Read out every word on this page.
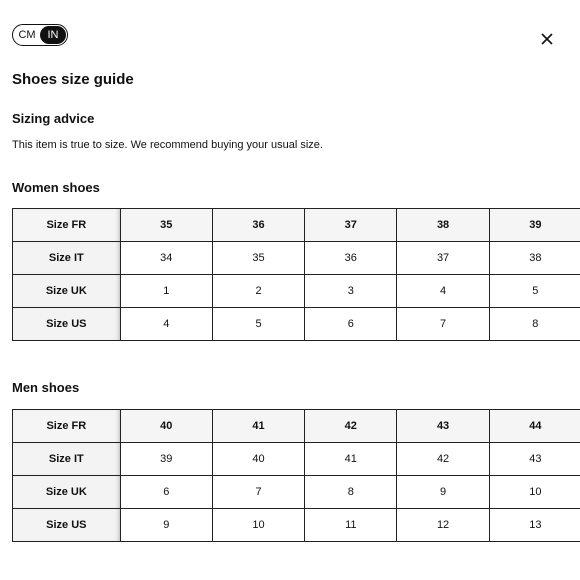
CM	IN
Shoes size guide
Sizing advice

This item is true to size. We recommend buying your usual size.

Women shoes
Size FR	35	36	37	38	39
Size IT	34	35	36	37	38
Size UK	1	2	3	4	5
Size US	4	5	6	7	8
Men shoes
Size FR	40	41	42	43	44
Size IT	39	40	41	42	43
Size UK	6	7	8	9	10
Size US	9	10	11	12	13
